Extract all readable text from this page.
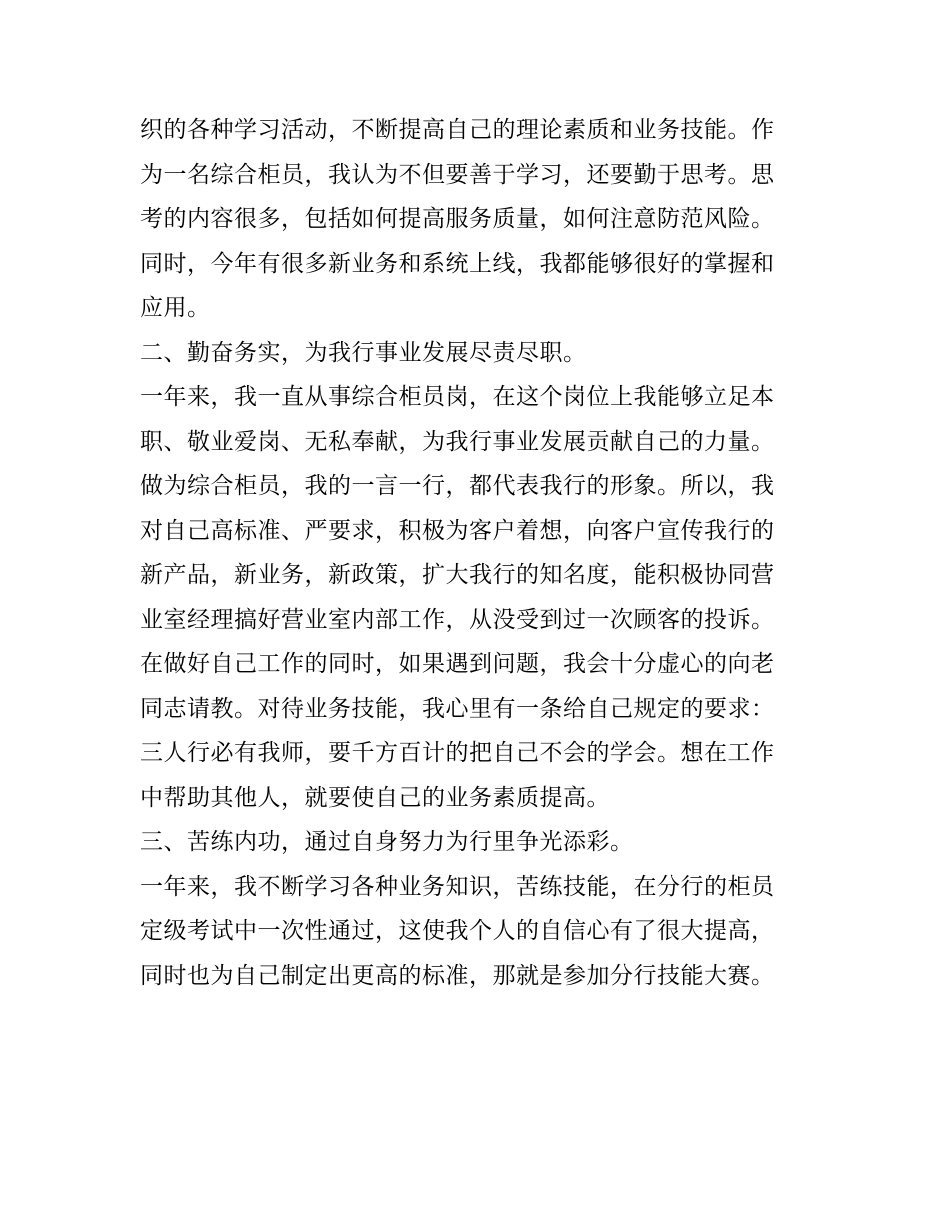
织的各种学习活动，不断提高自己的理论素质和业务技能。作
为一名综合柜员，我认为不但要善于学习，还要勤于思考。思
考的内容很多，包括如何提高服务质量，如何注意防范风险。
同时，今年有很多新业务和系统上线，我都能够很好的掌握和
应用。
二、勤奋务实，为我行事业发展尽责尽职。
一年来，我一直从事综合柜员岗，在这个岗位上我能够立足本
职、敬业爱岗、无私奉献，为我行事业发展贡献自己的力量。
做为综合柜员，我的一言一行，都代表我行的形象。所以，我
对自己高标准、严要求，积极为客户着想，向客户宣传我行的
新产品，新业务，新政策，扩大我行的知名度，能积极协同营
业室经理搞好营业室内部工作，从没受到过一次顾客的投诉。
在做好自己工作的同时，如果遇到问题，我会十分虚心的向老
同志请教。对待业务技能，我心里有一条给自己规定的要求：
三人行必有我师，要千方百计的把自己不会的学会。想在工作
中帮助其他人，就要使自己的业务素质提高。
三、苦练内功，通过自身努力为行里争光添彩。
一年来，我不断学习各种业务知识，苦练技能，在分行的柜员
定级考试中一次性通过，这使我个人的自信心有了很大提高，
同时也为自己制定出更高的标准，那就是参加分行技能大赛。
